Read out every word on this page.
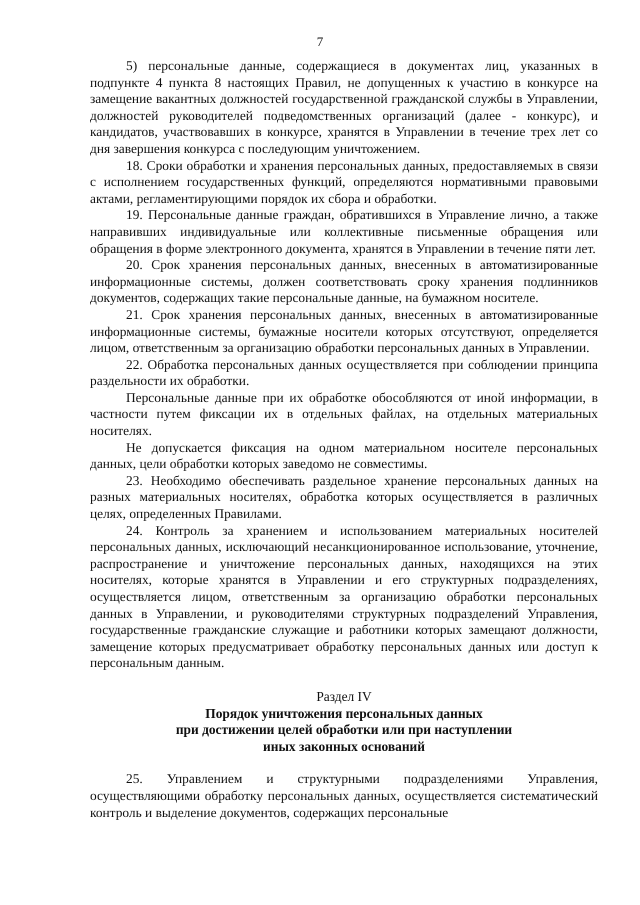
7

5) персональные данные, содержащиеся в документах лиц, указанных в подпункте 4 пункта 8 настоящих Правил, не допущенных к участию в конкурсе на замещение вакантных должностей государственной гражданской службы в Управлении, должностей руководителей подведомственных организаций (далее - конкурс), и кандидатов, участвовавших в конкурсе, хранятся в Управлении в течение трех лет со дня завершения конкурса с последующим уничтожением.

18. Сроки обработки и хранения персональных данных, предоставляемых в связи с исполнением государственных функций, определяются нормативными правовыми актами, регламентирующими порядок их сбора и обработки.

19. Персональные данные граждан, обратившихся в Управление лично, а также направивших индивидуальные или коллективные письменные обращения или обращения в форме электронного документа, хранятся в Управлении в течение пяти лет.

20. Срок хранения персональных данных, внесенных в автоматизированные информационные системы, должен соответствовать сроку хранения подлинников документов, содержащих такие персональные данные, на бумажном носителе.

21. Срок хранения персональных данных, внесенных в автоматизированные информационные системы, бумажные носители которых отсутствуют, определяется лицом, ответственным за организацию обработки персональных данных в Управлении.

22. Обработка персональных данных осуществляется при соблюдении принципа раздельности их обработки.

Персональные данные при их обработке обособляются от иной информации, в частности путем фиксации их в отдельных файлах, на отдельных материальных носителях.

Не допускается фиксация на одном материальном носителе персональных данных, цели обработки которых заведомо не совместимы.

23. Необходимо обеспечивать раздельное хранение персональных данных на разных материальных носителях, обработка которых осуществляется в различных целях, определенных Правилами.

24. Контроль за хранением и использованием материальных носителей персональных данных, исключающий несанкционированное использование, уточнение, распространение и уничтожение персональных данных, находящихся на этих носителях, которые хранятся в Управлении и его структурных подразделениях, осуществляется лицом, ответственным за организацию обработки персональных данных в Управлении, и руководителями структурных подразделений Управления, государственные гражданские служащие и работники которых замещают должности, замещение которых предусматривает обработку персональных данных или доступ к персональным данным.

Раздел IV
Порядок уничтожения персональных данных
при достижении целей обработки или при наступлении
иных законных оснований

25. Управлением и структурными подразделениями Управления, осуществляющими обработку персональных данных, осуществляется систематический контроль и выделение документов, содержащих персональные
